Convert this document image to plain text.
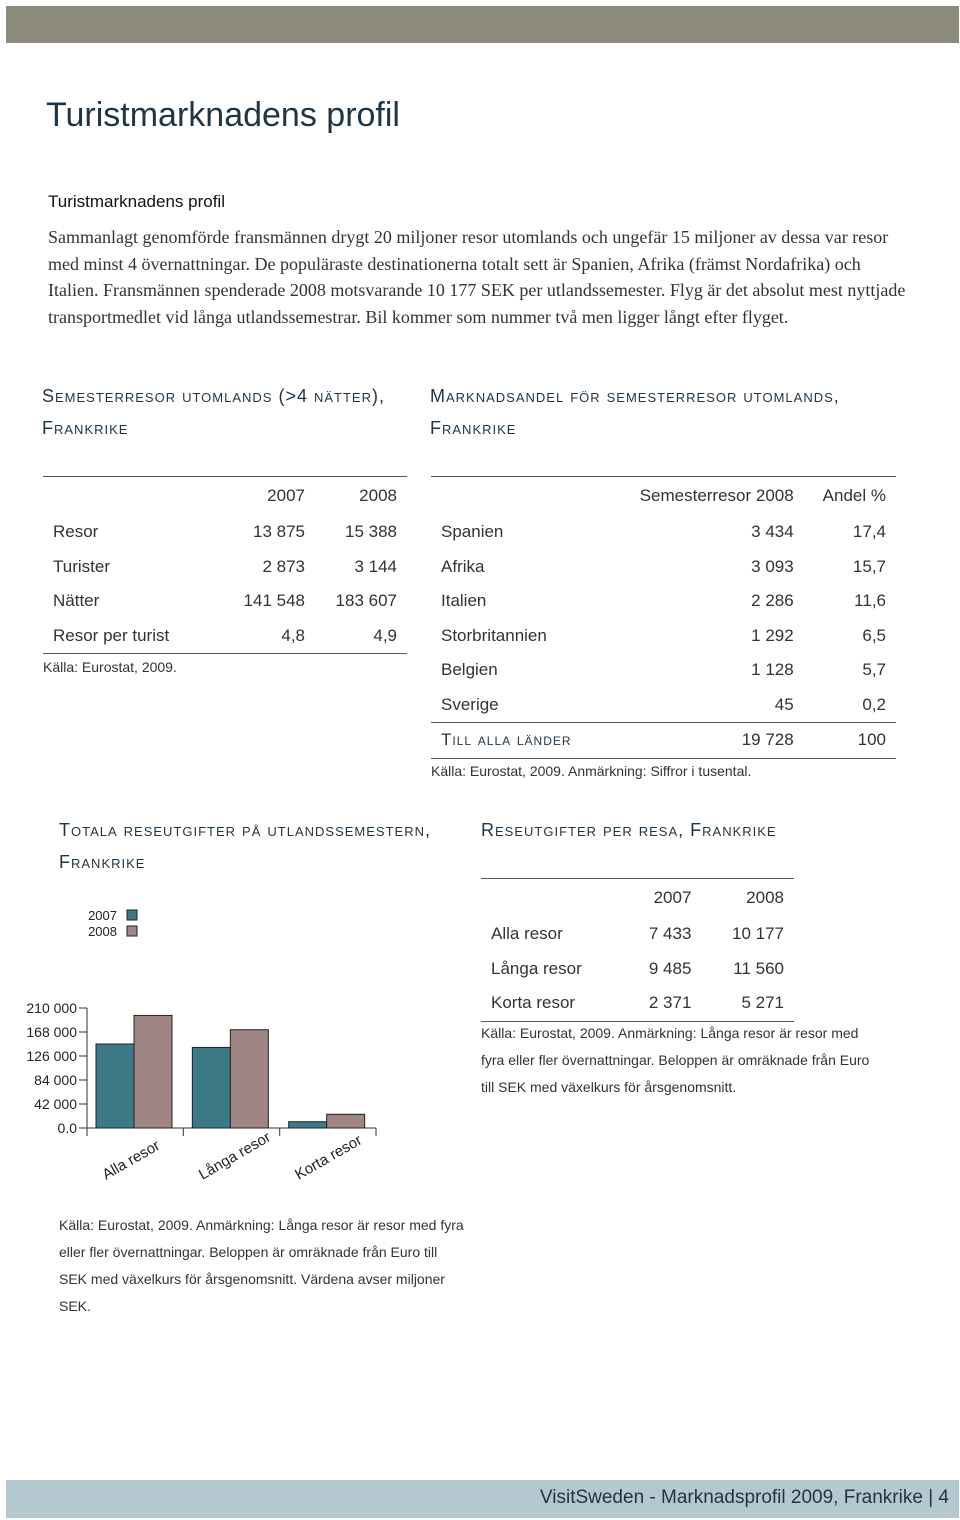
Turistmarknadens profil
Turistmarknadens profil

Sammanlagt genomförde fransmännen drygt 20 miljoner resor utomlands och ungefär 15 miljoner av dessa var resor med minst 4 övernattningar. De populäraste destinationerna totalt sett är Spanien, Afrika (främst Nordafrika) och Italien. Fransmännen spenderade 2008 motsvarande 10 177 SEK per utlandssemester. Flyg är det absolut mest nyttjade transportmedlet vid långa utlandssemestrar. Bil kommer som nummer två men ligger långt efter flyget.

Semesterresor utomlands (>4 nätter), Frankrike
	2007	2008
Resor	13 875	15 388
Turister	2 873	3 144
Nätter	141 548	183 607
Resor per turist	4,8	4,9

Källa: Eurostat, 2009.

Marknadsandel för semesterresor utomlands, Frankrike
	Semesterresor 2008	Andel %
Spanien	3 434	17,4
Afrika	3 093	15,7
Italien	2 286	11,6
Storbritannien	1 292	6,5
Belgien	1 128	5,7
Sverige	45	0,2
Till alla länder	19 728	100

Källa: Eurostat, 2009. Anmärkning: Siffror i tusental.

Totala reseutgifter på utlandssemestern, Frankrike
2007
2008
0.0
42 000
84 000
126 000
168 000
210 000
Alla resor Långa resor Korta resor

Källa: Eurostat, 2009. Anmärkning: Långa resor är resor med fyra eller fler övernattningar. Beloppen är omräknade från Euro till SEK med växelkurs för årsgenomsnitt. Värdena avser miljoner SEK.

Reseutgifter per resa, Frankrike
	2007	2008
Alla resor	7 433	10 177
Långa resor	9 485	11 560
Korta resor	2 371	5 271

Källa: Eurostat, 2009. Anmärkning: Långa resor är resor med fyra eller fler övernattningar. Beloppen är omräknade från Euro till SEK med växelkurs för årsgenomsnitt.

VisitSweden - Marknadsprofil 2009, Frankrike | 4
